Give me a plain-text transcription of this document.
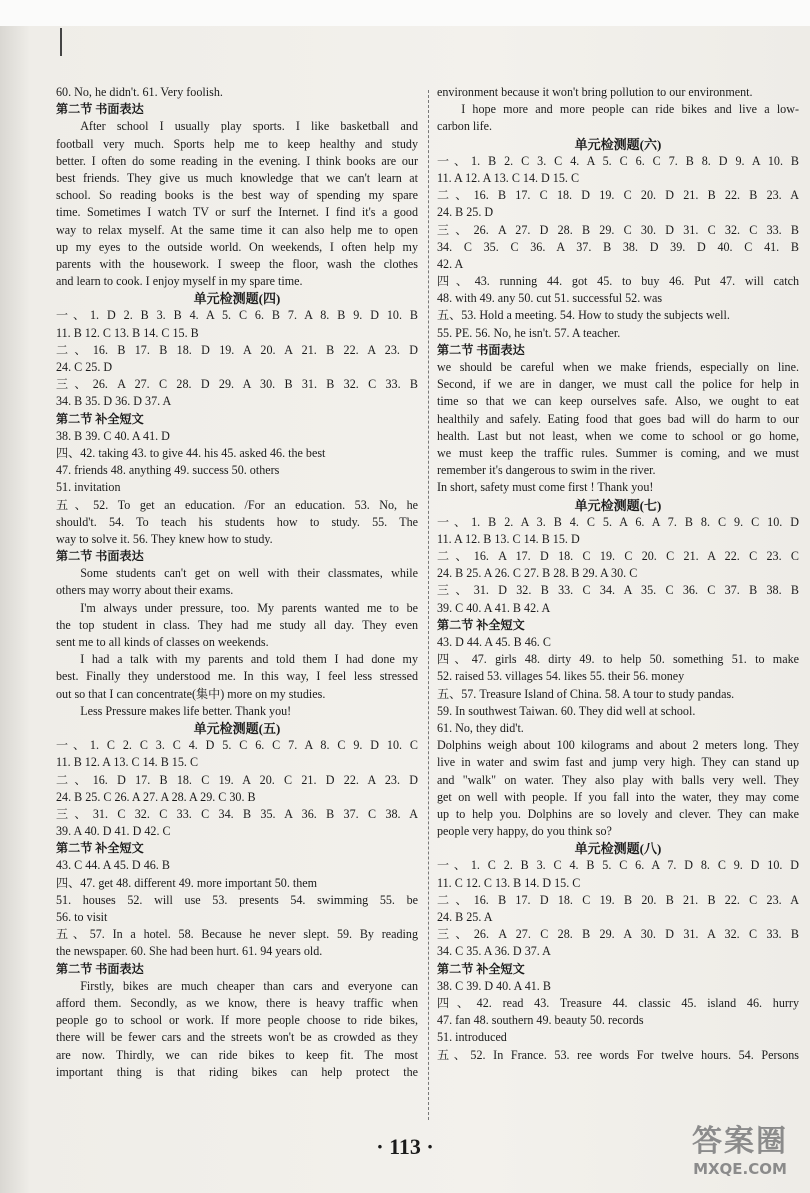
60. No, he didn't. 61. Very foolish.
第二节 书面表达
After school I usually play sports. I like basketball and
football very much. Sports help me to keep healthy and study
better. I often do some reading in the evening. I think books are our
best friends. They give us much knowledge that we can't learn at
school. So reading books is the best way of spending my spare
time. Sometimes I watch TV or surf the Internet. I find it's a good
way to relax myself. At the same time it can also help me to open
up my eyes to the outside world. On weekends, I often help my
parents with the housework. I sweep the floor, wash the clothes
and learn to cook. I enjoy myself in my spare time.
单元检测题(四)
一、1. D 2. B 3. B 4. A 5. C 6. B 7. A 8. B 9. D 10. B
11. B 12. C 13. B 14. C 15. B
二、16. B 17. B 18. D 19. A 20. A 21. B 22. A 23. D
24. C 25. D
三、26. A 27. C 28. D 29. A 30. B 31. B 32. C 33. B
34. B 35. D 36. D 37. A
第二节 补全短文
38. B 39. C 40. A 41. D
四、42. taking 43. to give 44. his 45. asked 46. the best
47. friends 48. anything 49. success 50. others
51. invitation
五、52. To get an education. /For an education. 53. No, he
should't. 54. To teach his students how to study. 55. The
way to solve it. 56. They knew how to study.
第二节 书面表达
Some students can't get on well with their classmates, while
others may worry about their exams.
I'm always under pressure, too. My parents wanted me to be
the top student in class. They had me study all day. They even
sent me to all kinds of classes on weekends.
I had a talk with my parents and told them I had done my
best. Finally they understood me. In this way, I feel less stressed
out so that I can concentrate(集中) more on my studies.
Less Pressure makes life better. Thank you!
单元检测题(五)
一、1. C 2. C 3. C 4. D 5. C 6. C 7. A 8. C 9. D 10. C
11. B 12. A 13. C 14. B 15. C
二、16. D 17. B 18. C 19. A 20. C 21. D 22. A 23. D
24. B 25. C 26. A 27. A 28. A 29. C 30. B
三、31. C 32. C 33. C 34. B 35. A 36. B 37. C 38. A
39. A 40. D 41. D 42. C
第二节 补全短文
43. C 44. A 45. D 46. B
四、47. get 48. different 49. more important 50. them
51. houses 52. will use 53. presents 54. swimming 55. be
56. to visit
五、57. In a hotel. 58. Because he never slept. 59. By reading
the newspaper. 60. She had been hurt. 61. 94 years old.
第二节 书面表达
Firstly, bikes are much cheaper than cars and everyone can
afford them. Secondly, as we know, there is heavy traffic when
people go to school or work. If more people choose to ride bikes,
there will be fewer cars and the streets won't be as crowded as they
are now. Thirdly, we can ride bikes to keep fit. The most
important thing is that riding bikes can help protect the
environment because it won't bring pollution to our environment.
I hope more and more people can ride bikes and live a low-
carbon life.
单元检测题(六)
一、1. B 2. C 3. C 4. A 5. C 6. C 7. B 8. D 9. A 10. B
11. A 12. A 13. C 14. D 15. C
二、16. B 17. C 18. D 19. C 20. D 21. B 22. B 23. A
24. B 25. D
三、26. A 27. D 28. B 29. C 30. D 31. C 32. C 33. B
34. C 35. C 36. A 37. B 38. D 39. D 40. C 41. B
42. A
四、43. running 44. got 45. to buy 46. Put 47. will catch
48. with 49. any 50. cut 51. successful 52. was
五、53. Hold a meeting. 54. How to study the subjects well.
55. PE. 56. No, he isn't. 57. A teacher.
第二节 书面表达
we should be careful when we make friends, especially on line.
Second, if we are in danger, we must call the police for help in
time so that we can keep ourselves safe. Also, we ought to eat
healthily and safely. Eating food that goes bad will do harm to our
health. Last but not least, when we come to school or go home,
we must keep the traffic rules. Summer is coming, and we must
remember it's dangerous to swim in the river.
In short, safety must come first ! Thank you!
单元检测题(七)
一、1. B 2. A 3. B 4. C 5. A 6. A 7. B 8. C 9. C 10. D
11. A 12. B 13. C 14. B 15. D
二、16. A 17. D 18. C 19. C 20. C 21. A 22. C 23. C
24. B 25. A 26. C 27. B 28. B 29. A 30. C
三、31. D 32. B 33. C 34. A 35. C 36. C 37. B 38. B
39. C 40. A 41. B 42. A
第二节 补全短文
43. D 44. A 45. B 46. C
四、47. girls 48. dirty 49. to help 50. something 51. to make
52. raised 53. villages 54. likes 55. their 56. money
五、57. Treasure Island of China. 58. A tour to study pandas.
59. In southwest Taiwan. 60. They did well at school.
61. No, they did't.
Dolphins weigh about 100 kilograms and about 2 meters long. They
live in water and swim fast and jump very high. They can stand up
and "walk" on water. They also play with balls very well. They
get on well with people. If you fall into the water, they may come
up to help you. Dolphins are so lovely and clever. They can make
people very happy, do you think so?
单元检测题(八)
一、1. C 2. B 3. C 4. B 5. C 6. A 7. D 8. C 9. D 10. D
11. C 12. C 13. B 14. D 15. C
二、16. B 17. D 18. C 19. B 20. B 21. B 22. C 23. A
24. B 25. A
三、26. A 27. C 28. B 29. A 30. D 31. A 32. C 33. B
34. C 35. A 36. D 37. A
第二节 补全短文
38. C 39. D 40. A 41. B
四、42. read 43. Treasure 44. classic 45. island 46. hurry
47. fan 48. southern 49. beauty 50. records
51. introduced
五、52. In France. 53. ree words For twelve hours. 54. Persons
· 113 ·	答案圈
MXQE.COM
